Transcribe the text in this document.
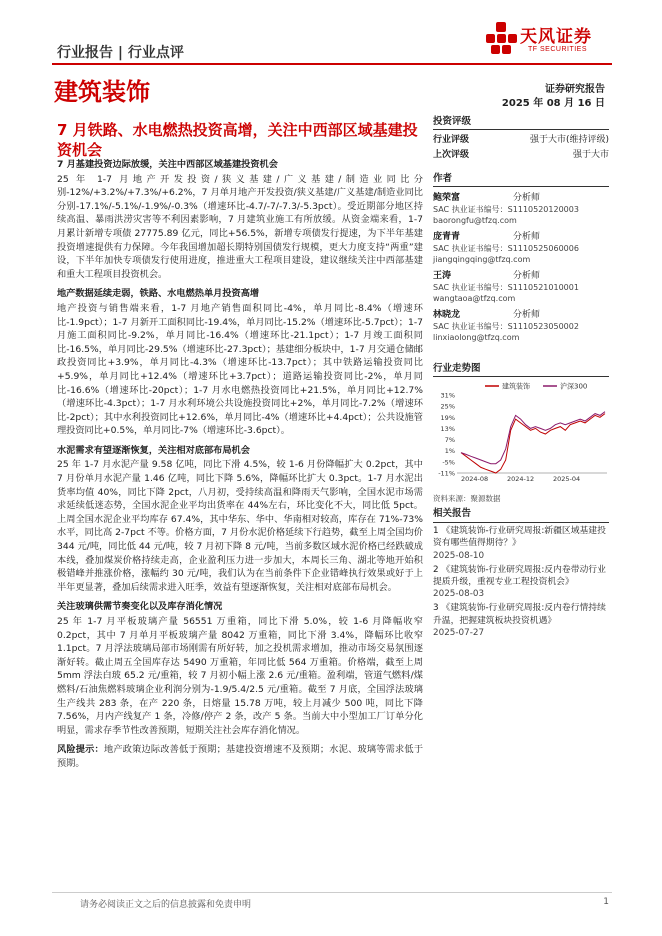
行业报告 | 行业点评
天风证券
TF SECURITIES
建筑装饰	证券研究报告
2025 年 08 月 16 日
7 月铁路、水电燃热投资高增，关注中西部区域基建投资机会
7 月基建投资边际放缓，关注中西部区域基建投资机会

25 年 1-7 月地产开发投资/狭义基建/广义基建/制造业同比分别-12%/+3.2%/+7.3%/+6.2%，7 月单月地产开发投资/狭义基建/广义基建/制造业同比分别-17.1%/-5.1%/-1.9%/-0.3%（增速环比-4.7/-7/-7.3/-5.3pct）。受近期部分地区持续高温、暴雨洪涝灾害等不利因素影响，7 月建筑业施工有所放缓。从资金端来看，1-7 月累计新增专项债 27775.89 亿元，同比+56.5%，新增专项债发行提速，为下半年基建投资增速提供有力保障。今年我国增加超长期特别国债发行规模，更大力度支持“两重”建设，下半年加快专项债发行使用进度，推进重大工程项目建设，建议继续关注中西部基建和重大工程项目投资机会。

地产数据延续走弱，铁路、水电燃热单月投资高增

地产投资与销售端来看，1-7 月地产销售面积同比-4%，单月同比-8.4%（增速环比-1.9pct）；1-7 月新开工面积同比-19.4%，单月同比-15.2%（增速环比-5.7pct）；1-7 月施工面积同比-9.2%，单月同比-16.4%（增速环比-21.1pct）；1-7 月竣工面积同比-16.5%，单月同比-29.5%（增速环比-27.3pct）；基建细分板块中，1-7 月交通仓储邮政投资同比+3.9%，单月同比-4.3%（增速环比-13.7pct）；其中铁路运输投资同比+5.9%，单月同比+12.4%（增速环比+3.7pct）；道路运输投资同比-2%，单月同比-16.6%（增速环比-20pct）；1-7 月水电燃热投资同比+21.5%，单月同比+12.7%（增速环比-4.3pct）；1-7 月水利环境公共设施投资同比+2%，单月同比-7.2%（增速环比-2pct）；其中水利投资同比+12.6%，单月同比-4%（增速环比+4.4pct）；公共设施管理投资同比+0.5%，单月同比-7%（增速环比-3.6pct）。

水泥需求有望逐渐恢复，关注相对底部布局机会

25 年 1-7 月水泥产量 9.58 亿吨，同比下滑 4.5%，较 1-6 月份降幅扩大 0.2pct，其中 7 月份单月水泥产量 1.46 亿吨，同比下降 5.6%，降幅环比扩大 0.3pct。1-7 月水泥出货率均值 40%，同比下降 2pct，八月初，受持续高温和降雨天气影响，全国水泥市场需求延续低迷态势，全国水泥企业平均出货率在 44%左右，环比变化不大，同比低 5pct。上周全国水泥企业平均库存 67.4%，其中华东、华中、华南相对较高，库存在 71%-73%水平，同比高 2-7pct 不等。价格方面，7 月份水泥价格延续下行趋势，截至上周全国均价 344 元/吨，同比低 44 元/吨，较 7 月初下降 8 元/吨，当前多数区域水泥价格已经跌破成本线，叠加煤炭价格持续走高，企业盈利压力进一步加大，本周长三角、湖北等地开始积极错峰并推涨价格，涨幅约 30 元/吨，我们认为在当前条件下企业错峰执行效果或好于上半年更显著，叠加后续需求进入旺季，效益有望逐渐恢复，关注相对底部布局机会。

关注玻璃供需节奏变化以及库存消化情况

25 年 1-7 月平板玻璃产量 56551 万重箱，同比下滑 5.0%，较 1-6 月降幅收窄 0.2pct，其中 7 月单月平板玻璃产量 8042 万重箱，同比下滑 3.4%，降幅环比收窄 1.1pct。7 月浮法玻璃局部市场刚需有所好转，加之投机需求增加，推动市场交易氛围逐渐好转。截止周五全国库存达 5490 万重箱，年同比低 564 万重箱。价格端，截至上周 5mm 浮法白玻 65.2 元/重箱，较 7 月初小幅上涨 2.6 元/重箱。盈利端，管道气燃料/煤燃料/石油焦燃料玻璃企业利润分别为-1.9/5.4/2.5 元/重箱。截至 7 月底，全国浮法玻璃生产线共 283 条，在产 220 条，日熔量 15.78 万吨，较上月减少 500 吨，同比下降 7.56%，月内产线复产 1 条，冷修/停产 2 条，改产 5 条。当前大中小型加工厂订单分化明显，需求存季节性改善预期，短期关注社会库存消化情况。

风险提示：地产政策边际改善低于预期；基建投资增速不及预期；水泥、玻璃等需求低于预期。

投资评级
行业评级	强于大市(维持评级)
上次评级	强于大市
作者
鲍荣富	分析师
SAC 执业证书编号：S1110520120003
baorongfu@tfzq.com
庞青青	分析师
SAC 执业证书编号：S1110525060006
jiangqingqing@tfzq.com
王涛	分析师
SAC 执业证书编号：S1110521010001
wangtaoa@tfzq.com
林晓龙	分析师
SAC 执业证书编号：S1110523050002
linxiaolong@tfzq.com
行业走势图
31%
25%
19%
13%
7%
1%
-5%
-11%
2024-08	2024-12	2025-04
建筑装饰	沪深300
资料来源：聚源数据
相关报告
1 《建筑装饰-行业研究周报:新疆区域基建投资有哪些值得期待？》
2025-08-10
2 《建筑装饰-行业研究周报:反内卷带动行业提质升级，重视专业工程投资机会》
2025-08-03
3 《建筑装饰-行业研究周报:反内卷行情持续升温，把握建筑板块投资机遇》
2025-07-27
请务必阅读正文之后的信息披露和免责申明	1
